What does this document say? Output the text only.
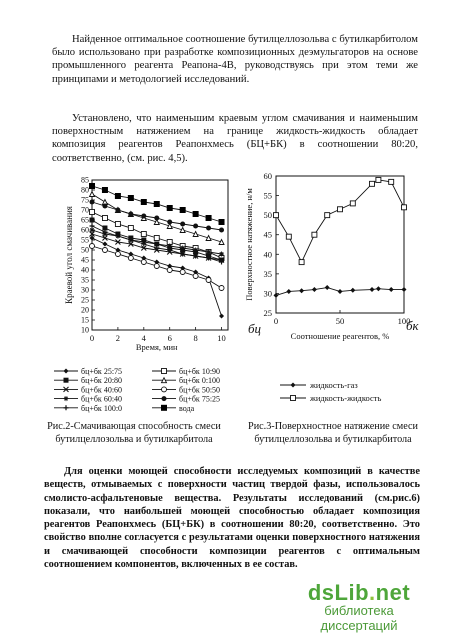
Найденное оптимальное соотношение бутилцеллозольва с бутилкарбитолом было использовано при разработке композиционных деэмульгаторов на основе промышленного реагента Реапона-4В, руководствуясь при этом теми же принципами и методологией исследований.
Установлено, что наименьшим краевым углом смачивания и наименьшим поверхностным натяжением на границе жидкость-жидкость обладает композиция реагентов Реапонхмесь (БЦ+БК) в соотношении 80:20, соответственно, (см. рис. 4,5).
10
15
20
25
30
35
40
45
50
55
60
65
70
75
80
85
0	2	4	6	8 10
Время, мин
Краевой угол смачивания
бц+бк 25:75	бц+бк 10:90
бц+бк 20:80	бц+бк 0:100
бц+бк 40:60	бц+бк 50:50
бц+бк 60:40	бц+бк 75:25
бц+бк 100:0	вода
25
30
35
40
45
50
55
60
0	50	100
бц	бк
Соотношение реагентов, %
Поверхностное натяжение, н/м
жидкость-газ
жидкость-жидкость
Рис.2-Смачивающая способность смеси бутилцеллозольва и бутилкарбитола
Рис.3-Поверхностное натяжение смеси бутилцеллозольва и бутилкарбитола
Для оценки моющей способности исследуемых композиций в качестве веществ, отмываемых с поверхности частиц твердой фазы, использовалось смолисто-асфальтеновые вещества. Результаты исследований (см.рис.6) показали, что наибольшей моющей способностью обладает композиция реагентов Реапонхмесь (БЦ+БК) в соотношении 80:20, соответственно. Это свойство вполне согласуется с результатами оценки поверхностного натяжения и смачивающей способности композиции реагентов с оптимальным соотношением компонентов, включенных в ее состав.
dsLib.net
библиотека диссертаций
